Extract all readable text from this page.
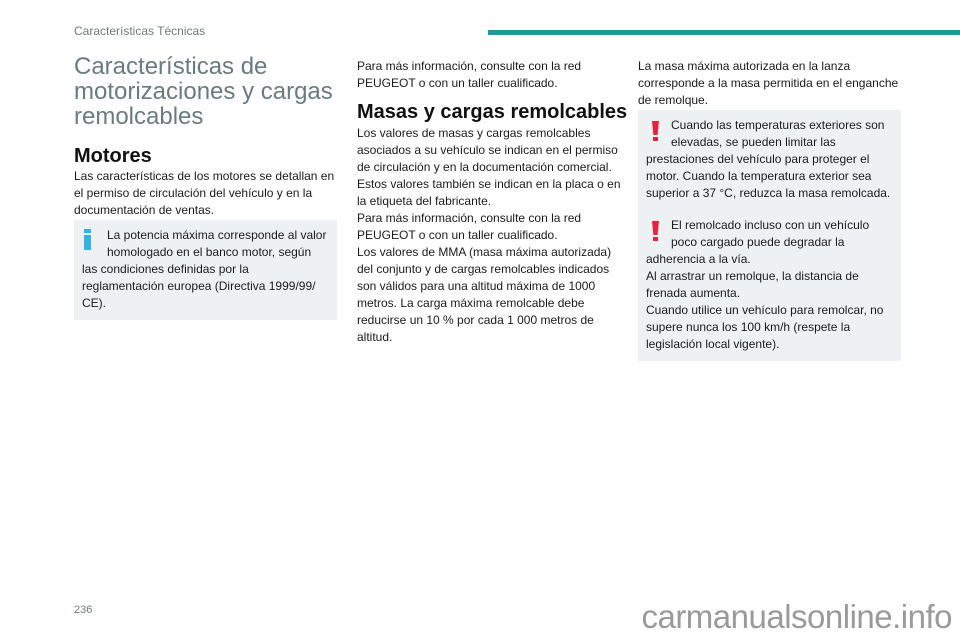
Características Técnicas
Características de
motorizaciones y cargas
remolcables
Motores

Las características de los motores se detallan en el permiso de circulación del vehículo y en la documentación de ventas.

La potencia máxima corresponde al valor homologado en el banco motor, según
las condiciones definidas por la reglamentación europea (Directiva 1999/99/ CE).

Para más información, consulte con la red PEUGEOT o con un taller cualificado.

Masas y cargas remolcables

Los valores de masas y cargas remolcables asociados a su vehículo se indican en el permiso de circulación y en la documentación comercial.

Estos valores también se indican en la placa o en la etiqueta del fabricante.

Para más información, consulte con la red PEUGEOT o con un taller cualificado.

Los valores de MMA (masa máxima autorizada) del conjunto y de cargas remolcables indicados son válidos para una altitud máxima de 1000 metros. La carga máxima remolcable debe reducirse un 10 % por cada 1 000 metros de altitud.

La masa máxima autorizada en la lanza corresponde a la masa permitida en el enganche de remolque.

Cuando las temperaturas exteriores son elevadas, se pueden limitar las
prestaciones del vehículo para proteger el motor. Cuando la temperatura exterior sea superior a 37 °C, reduzca la masa remolcada.
El remolcado incluso con un vehículo poco cargado puede degradar la
adherencia a la vía.
Al arrastrar un remolque, la distancia de frenada aumenta.
Cuando utilice un vehículo para remolcar, no supere nunca los 100 km/h (respete la legislación local vigente).
236	carmanualsonline.info
